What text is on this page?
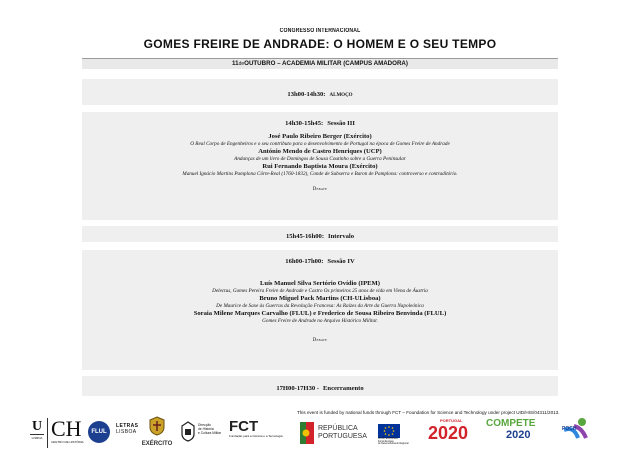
CONGRESSO INTERNACIONAL
GOMES FREIRE DE ANDRADE: O HOMEM E O SEU TEMPO
11deOUTUBRO – ACADEMIA MILITAR (CAMPUS AMADORA)
13h00-14h30: almoço
14h30-15h45: Sessão III
José Paulo Ribeiro Berger (Exército)
O Real Corpo de Engenheiros e o seu contributo para o desenvolvimento de Portugal na época de Gomes Freire de Andrade
António Mendo de Castro Henriques (UCP)
Andanças de um livro de Domingos de Sousa Coutinho sobre a Guerra Peninsular
Rui Fernando Baptista Moura (Exército)
Manuel Ignácio Martins Pamplona Côrte-Real (1760-1832), Conde de Subserra e Baron de Pamplona: controverso e contraditório.
Debate
15h45-16h00: Intervalo
16h00-17h00: Sessão IV
Luís Manuel Silva Sertório Ovídio (IPEM)
Delectus, Gomes Pereira Freire de Andrade e Castro Os primeiros 25 anos de vida em Viena de Áustria
Bruno Miguel Pack Martins (CH-ULisboa)
De Maurice de Saxe às Guerras da Revolução Francesa: As Raízes da Arte da Guerra Napoleónica
Soraia Milene Marques Carvalho (FLUL) e Frederico de Sousa Ribeiro Benvinda (FLUL)
Gomes Freire de Andrade no Arquivo Histórico Militar.
Debate
17H00-17H30 - Encerramento
This event is funded by national funds through FCT – Foundation for Science and Technology under project UID/HIS/04311/2013.
U
LISBOA CH
CENTRO DE HISTÓRIA
FLUL
LETRAS
LISBOA
EXÉRCITO
Direcção
de História
e Cultura Militar FCT
Fundação para a Ciência e a Tecnologia
REPÚBLICA
PORTUGUESA	UNIÃO EUROPEIA
Fundo Europeu
de Desenvolvimento Regional
PORTUGAL
2020 COMPETE
2020	POCH
